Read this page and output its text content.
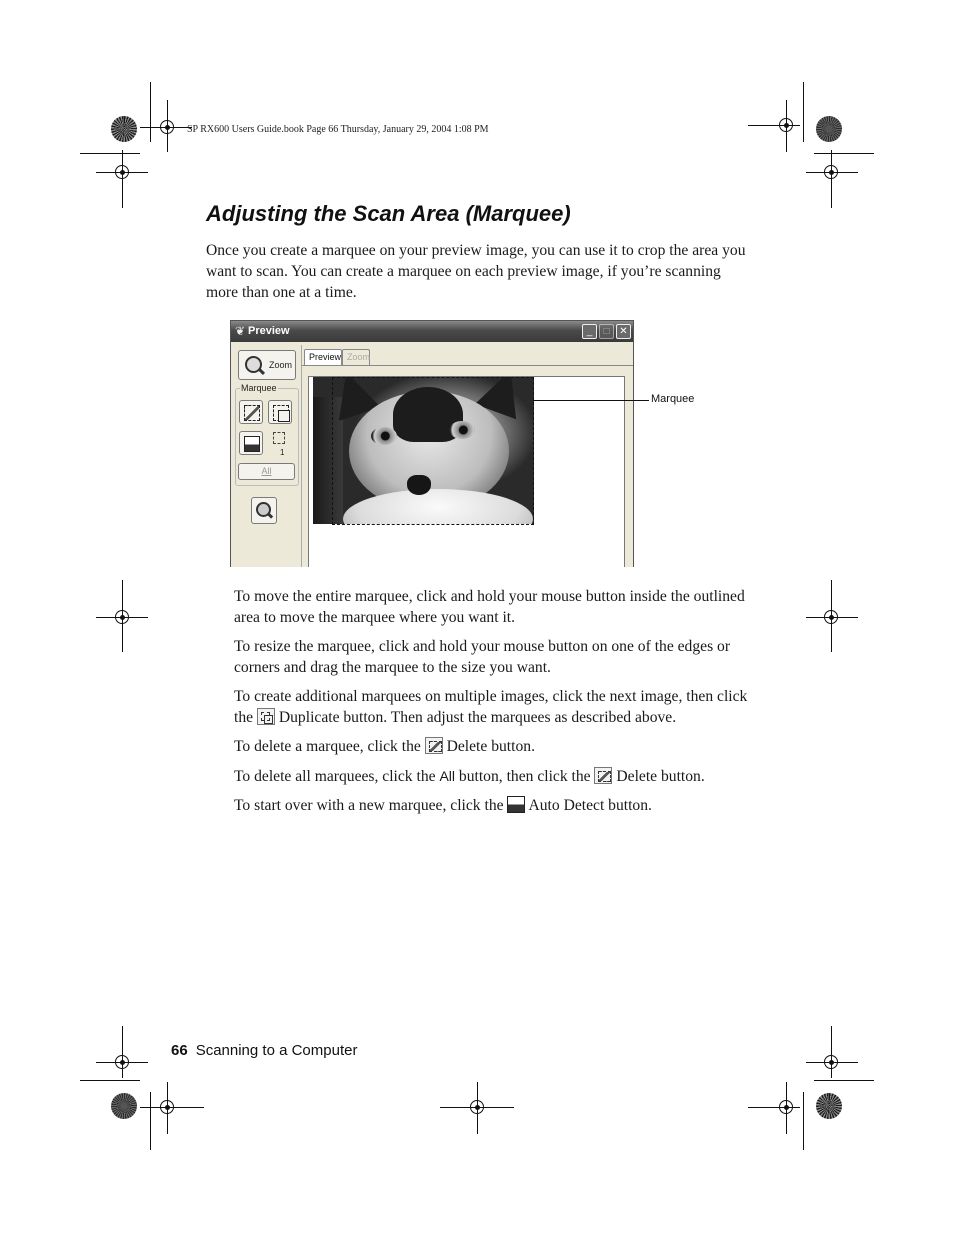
SP RX600 Users Guide.book Page 66 Thursday, January 29, 2004 1:08 PM
Adjusting the Scan Area (Marquee)
Once you create a marquee on your preview image, you can use it to crop the area you want to scan. You can create a marquee on each preview image, if you’re scanning more than one at a time.
❦ Preview	_	□ ✕
Zoom
Marquee
1
All
Preview Zoom
Marquee
To move the entire marquee, click and hold your mouse button inside the outlined area to move the marquee where you want it.
To resize the marquee, click and hold your mouse button on one of the edges or corners and drag the marquee to the size you want.
To create additional marquees on multiple images, click the next image, then click the Duplicate button. Then adjust the marquees as described above.
To delete a marquee, click the Delete button.
To delete all marquees, click the All button, then click the Delete button.
To start over with a new marquee, click the Auto Detect button.
66 Scanning to a Computer
